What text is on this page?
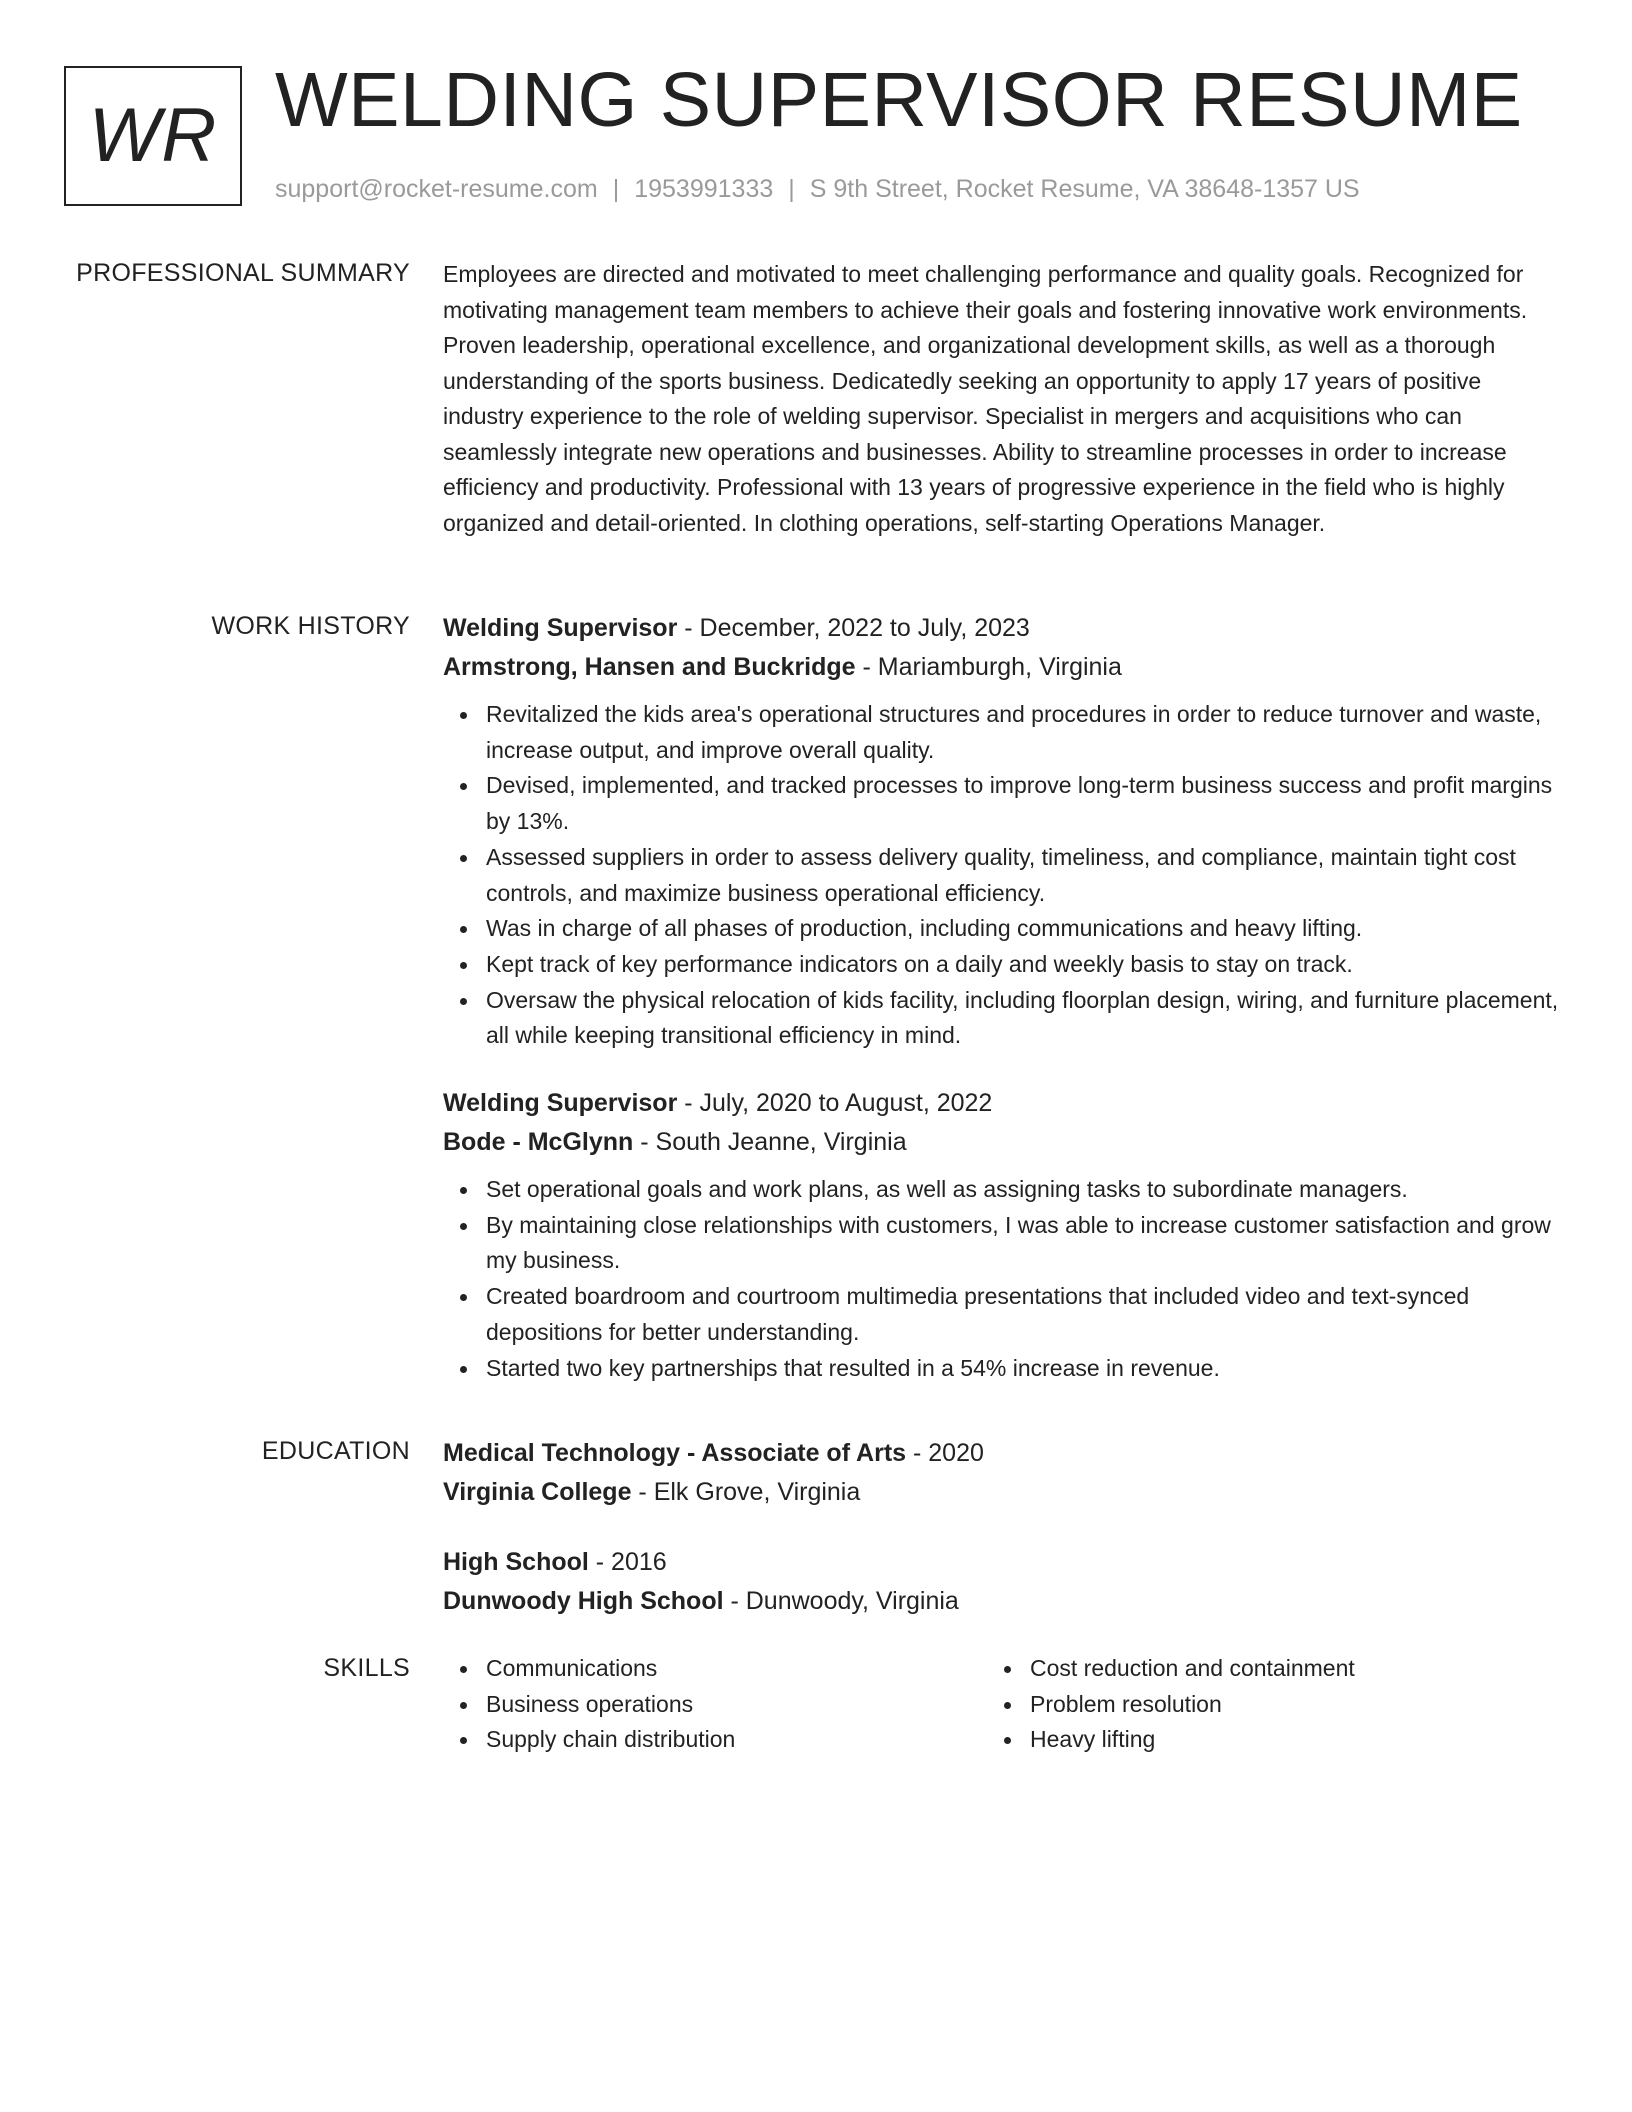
WR WELDING SUPERVISOR RESUME
support@rocket-resume.com | 1953991333 | S 9th Street, Rocket Resume, VA 38648-1357 US
PROFESSIONAL SUMMARY Employees are directed and motivated to meet challenging performance and quality goals. Recognized for motivating management team members to achieve their goals and fostering innovative work environments. Proven leadership, operational excellence, and organizational development skills, as well as a thorough understanding of the sports business. Dedicatedly seeking an opportunity to apply 17 years of positive industry experience to the role of welding supervisor. Specialist in mergers and acquisitions who can seamlessly integrate new operations and businesses. Ability to streamline processes in order to increase efficiency and productivity. Professional with 13 years of progressive experience in the field who is highly organized and detail-oriented. In clothing operations, self-starting Operations Manager.

WORK HISTORY Welding Supervisor - December, 2022 to July, 2023
Armstrong, Hansen and Buckridge - Mariamburgh, Virginia
Revitalized the kids area's operational structures and procedures in order to reduce turnover and waste, increase output, and improve overall quality.
Devised, implemented, and tracked processes to improve long-term business success and profit margins by 13%.
Assessed suppliers in order to assess delivery quality, timeliness, and compliance, maintain tight cost controls, and maximize business operational efficiency.
Was in charge of all phases of production, including communications and heavy lifting.
Kept track of key performance indicators on a daily and weekly basis to stay on track.
Oversaw the physical relocation of kids facility, including floorplan design, wiring, and furniture placement, all while keeping transitional efficiency in mind.
Welding Supervisor - July, 2020 to August, 2022
Bode - McGlynn - South Jeanne, Virginia
Set operational goals and work plans, as well as assigning tasks to subordinate managers.
By maintaining close relationships with customers, I was able to increase customer satisfaction and grow my business.
Created boardroom and courtroom multimedia presentations that included video and text-synced depositions for better understanding.
Started two key partnerships that resulted in a 54% increase in revenue.
EDUCATION Medical Technology - Associate of Arts - 2020
Virginia College - Elk Grove, Virginia
High School - 2016
Dunwoody High School - Dunwoody, Virginia
SKILLS	Communications
Business operations
Supply chain distribution
Cost reduction and containment
Problem resolution
Heavy lifting
